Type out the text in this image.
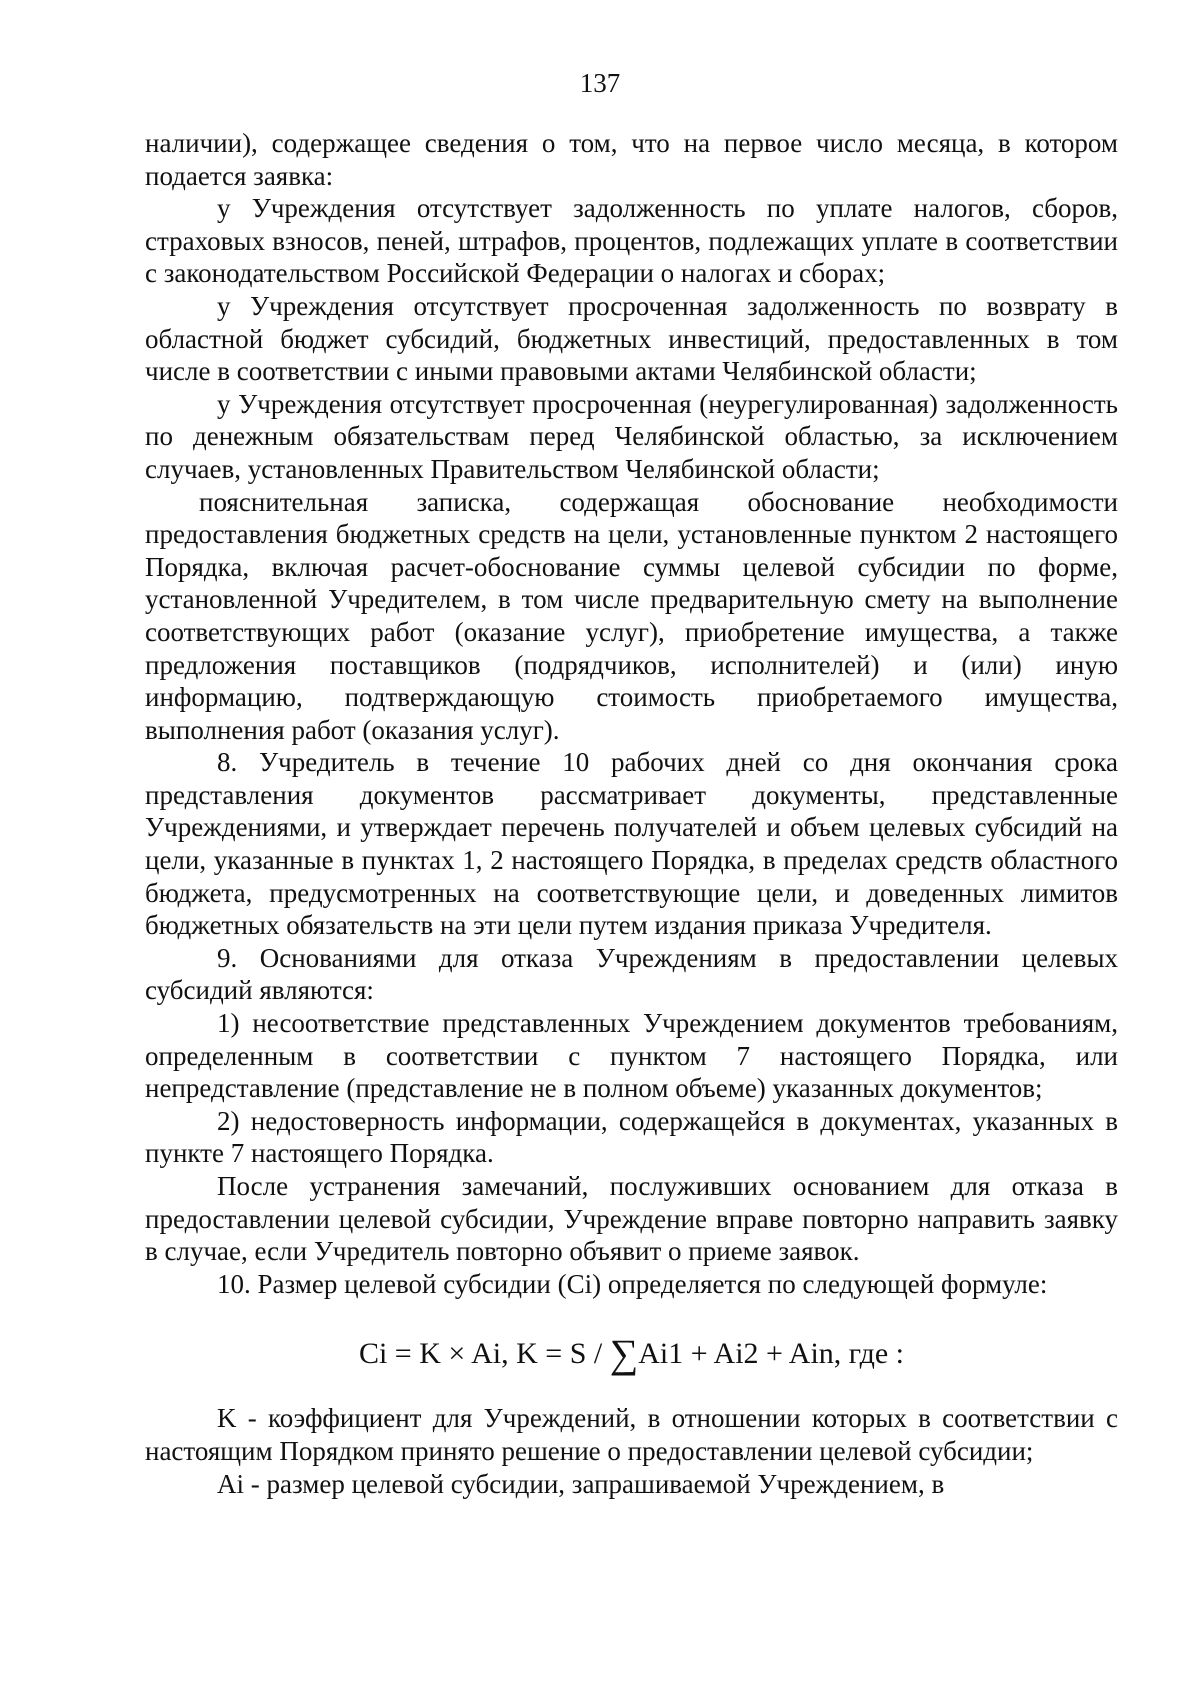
137

наличии), содержащее сведения о том, что на первое число месяца, в котором подается заявка:

у Учреждения отсутствует задолженность по уплате налогов, сборов, страховых взносов, пеней, штрафов, процентов, подлежащих уплате в соответствии с законодательством Российской Федерации о налогах и сборах;

у Учреждения отсутствует просроченная задолженность по возврату в областной бюджет субсидий, бюджетных инвестиций, предоставленных в том числе в соответствии с иными правовыми актами Челябинской области;

у Учреждения отсутствует просроченная (неурегулированная) задолженность по денежным обязательствам перед Челябинской областью, за исключением случаев, установленных Правительством Челябинской области;

пояснительная записка, содержащая обоснование необходимости предоставления бюджетных средств на цели, установленные пунктом 2 настоящего Порядка, включая расчет-обоснование суммы целевой субсидии по форме, установленной Учредителем, в том числе предварительную смету на выполнение соответствующих работ (оказание услуг), приобретение имущества, а также предложения поставщиков (подрядчиков, исполнителей) и (или) иную информацию, подтверждающую стоимость приобретаемого имущества, выполнения работ (оказания услуг).

8. Учредитель в течение 10 рабочих дней со дня окончания срока представления документов рассматривает документы, представленные Учреждениями, и утверждает перечень получателей и объем целевых субсидий на цели, указанные в пунктах 1, 2 настоящего Порядка, в пределах средств областного бюджета, предусмотренных на соответствующие цели, и доведенных лимитов бюджетных обязательств на эти цели путем издания приказа Учредителя.

9. Основаниями для отказа Учреждениям в предоставлении целевых субсидий являются:

1) несоответствие представленных Учреждением документов требованиям, определенным в соответствии с пунктом 7 настоящего Порядка, или непредставление (представление не в полном объеме) указанных документов;

2) недостоверность информации, содержащейся в документах, указанных в пункте 7 настоящего Порядка.

После устранения замечаний, послуживших основанием для отказа в предоставлении целевой субсидии, Учреждение вправе повторно направить заявку в случае, если Учредитель повторно объявит о приеме заявок.

10. Размер целевой субсидии (Ci) определяется по следующей формуле:

Ci = K × Ai, K = S / ∑Ai1 + Ai2 + Ain, где :

K - коэффициент для Учреждений, в отношении которых в соответствии с настоящим Порядком принято решение о предоставлении целевой субсидии;

Ai - размер целевой субсидии, запрашиваемой Учреждением, в
